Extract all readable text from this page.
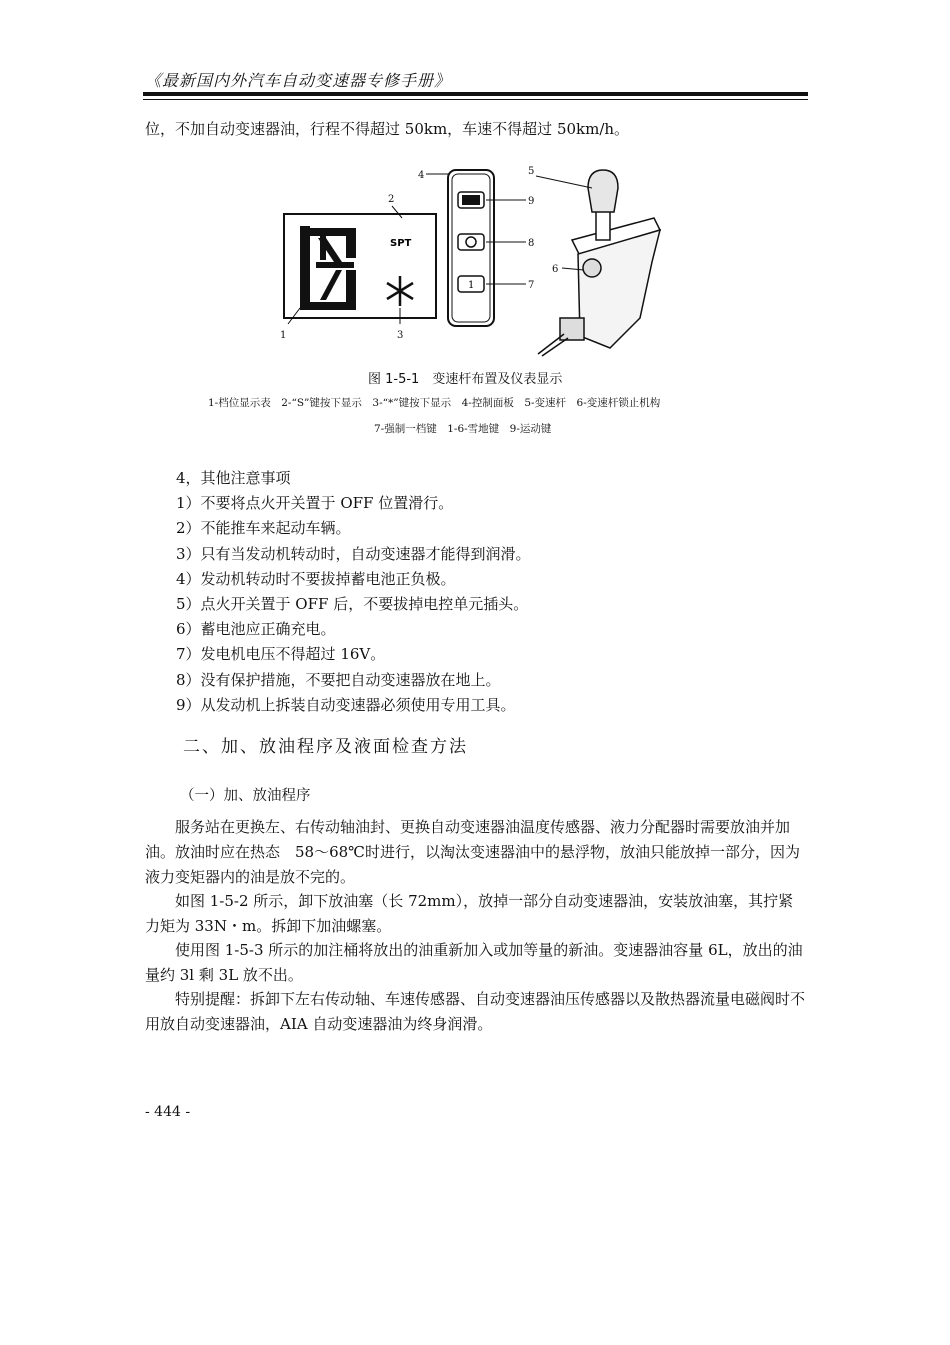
《最新国内外汽车自动变速器专修手册》
位，不加自动变速器油，行程不得超过 50km，车速不得超过 50km/h。
SPT
1
1
2
3
4	5
6
7
8
9
图 1-5-1　变速杆布置及仪表显示
1-档位显示表　2-“S”键按下显示　3-“*”键按下显示　4-控制面板　5-变速杆　6-变速杆锁止机构
7-强制一档键　1-6-雪地键　9-运动键
4，其他注意事项
1）不要将点火开关置于 OFF 位置滑行。
2）不能推车来起动车辆。
3）只有当发动机转动时，自动变速器才能得到润滑。
4）发动机转动时不要拔掉蓄电池正负极。
5）点火开关置于 OFF 后，不要拔掉电控单元插头。
6）蓄电池应正确充电。
7）发电机电压不得超过 16V。
8）没有保护措施，不要把自动变速器放在地上。
9）从发动机上拆装自动变速器必须使用专用工具。
二、加、放油程序及液面检查方法
（一）加、放油程序
　　服务站在更换左、右传动轴油封、更换自动变速器油温度传感器、液力分配器时需要放油并加油。放油时应在热态　58～68℃时进行，以淘汰变速器油中的悬浮物，放油只能放掉一部分，因为液力变矩器内的油是放不完的。
　　如图 1-5-2 所示，卸下放油塞（长 72mm），放掉一部分自动变速器油，安装放油塞，其拧紧力矩为 33N・m。拆卸下加油螺塞。
　　使用图 1-5-3 所示的加注桶将放出的油重新加入或加等量的新油。变速器油容量 6L，放出的油量约 3l 剩 3L 放不出。
　　特别提醒：拆卸下左右传动轴、车速传感器、自动变速器油压传感器以及散热器流量电磁阀时不用放自动变速器油，AIA 自动变速器油为终身润滑。
- 444 -
